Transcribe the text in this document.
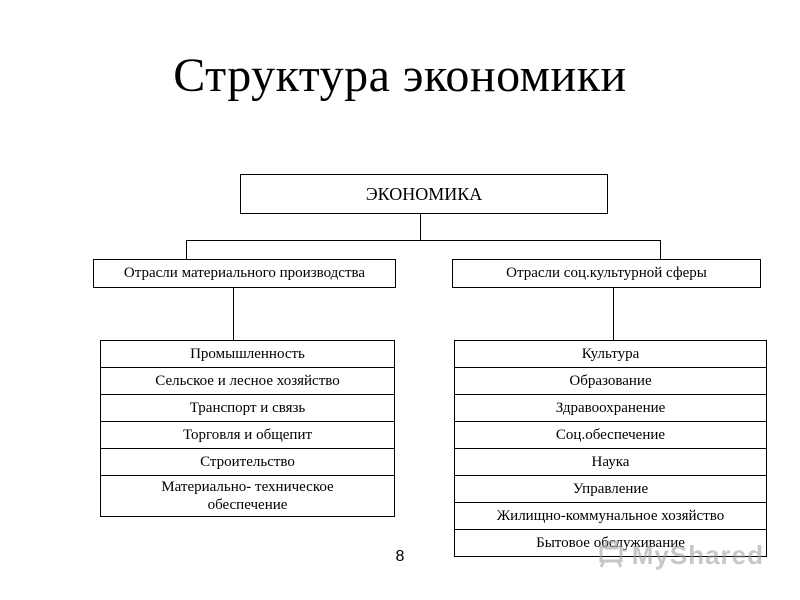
Структура экономики
ЭКОНОМИКА
Отрасли материального производства	Отрасли соц.культурной сферы
Промышленность
Сельское и лесное хозяйство
Транспорт и связь
Торговля и общепит
Строительство
Материально- техническое обеспечение
Культура
Образование
Здравоохранение
Соц.обеспечение
Наука
Управление
Жилищно-коммунальное хозяйство
Бытовое обслуживание
8	MyShared
